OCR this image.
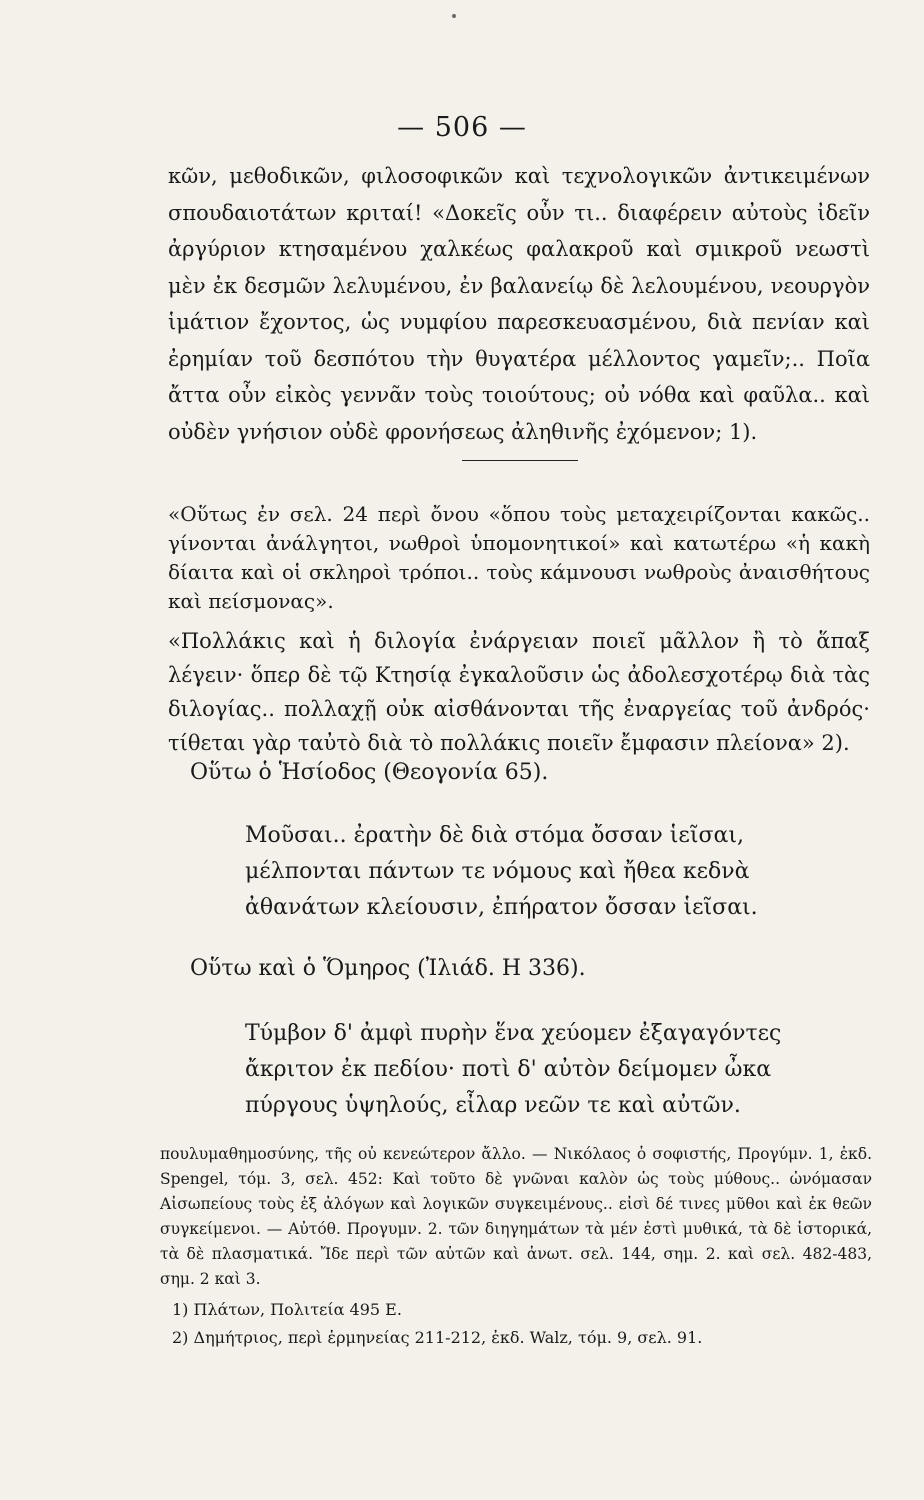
— 506 —
κῶν, μεθοδικῶν, φιλοσοφικῶν καὶ τεχνολογικῶν ἀντικειμένων σπουδαιοτάτων κριταί! «Δοκεῖς οὖν τι.. διαφέρειν αὐτοὺς ἰδεῖν ἀργύριον κτησαμένου χαλκέως φαλακροῦ καὶ σμικροῦ νεωστὶ μὲν ἐκ δεσμῶν λελυμένου, ἐν βαλανείῳ δὲ λελουμένου, νεουργὸν ἱμάτιον ἔχοντος, ὡς νυμφίου παρεσκευασμένου, διὰ πενίαν καὶ ἐρημίαν τοῦ δεσπότου τὴν θυγατέρα μέλλοντος γαμεῖν;.. Ποῖα ἄττα οὖν εἰκὸς γεννᾶν τοὺς τοιούτους; οὐ νόθα καὶ φαῦλα.. καὶ οὐδὲν γνήσιον οὐδὲ φρονήσεως ἀληθινῆς ἐχόμενον; 1).
«Οὕτως ἐν σελ. 24 περὶ ὄνου «ὅπου τοὺς μεταχειρίζονται κακῶς.. γίνονται ἀνάλγητοι, νωθροὶ ὑπομονητικοί» καὶ κατωτέρω «ἡ κακὴ δίαιτα καὶ οἱ σκληροὶ τρόποι.. τοὺς κάμνουσι νωθροὺς ἀναισθήτους καὶ πείσμονας».
«Πολλάκις καὶ ἡ διλογία ἐνάργειαν ποιεῖ μᾶλλον ἢ τὸ ἅπαξ λέγειν· ὅπερ δὲ τῷ Κτησίᾳ ἐγκαλοῦσιν ὡς ἀδολεσχοτέρῳ διὰ τὰς διλογίας.. πολλαχῇ οὐκ αἰσθάνονται τῆς ἐναργείας τοῦ ἀνδρός· τίθεται γὰρ ταὐτὸ διὰ τὸ πολλάκις ποιεῖν ἔμφασιν πλείονα» 2).
Οὕτω ὁ Ἡσίοδος (Θεογονία 65).
Μοῦσαι.. ἐρατὴν δὲ διὰ στόμα ὄσσαν ἱεῖσαι,
μέλπονται πάντων τε νόμους καὶ ἤθεα κεδνὰ
ἀθανάτων κλείουσιν, ἐπήρατον ὄσσαν ἱεῖσαι.
Οὕτω καὶ ὁ Ὅμηρος (Ἰλιάδ. Η 336).
Τύμβον δ' ἀμφὶ πυρὴν ἕνα χεύομεν ἐξαγαγόντες
ἄκριτον ἐκ πεδίου· ποτὶ δ' αὐτὸν δείμομεν ὦκα
πύργους ὑψηλούς, εἶλαρ νεῶν τε καὶ αὐτῶν.
πουλυμαθημοσύνης, τῆς οὐ κενεώτερον ἄλλο. — Νικόλαος ὁ σοφιστής, Προγύμν. 1, ἐκδ. Spengel, τόμ. 3, σελ. 452: Καὶ τοῦτο δὲ γνῶναι καλὸν ὡς τοὺς μύθους.. ὠνόμασαν Αἰσωπείους τοὺς ἐξ ἀλόγων καὶ λογικῶν συγκειμένους.. εἰσὶ δέ τινες μῦθοι καὶ ἐκ θεῶν συγκείμενοι. — Αὐτόθ. Προγυμν. 2. τῶν διηγημάτων τὰ μέν ἐστὶ μυθικά, τὰ δὲ ἱστορικά, τὰ δὲ πλασματικά. Ἴδε περὶ τῶν αὐτῶν καὶ ἀνωτ. σελ. 144, σημ. 2. καὶ σελ. 482-483, σημ. 2 καὶ 3.
1) Πλάτων, Πολιτεία 495 Ε.
2) Δημήτριος, περὶ ἑρμηνείας 211-212, ἐκδ. Walz, τόμ. 9, σελ. 91.
